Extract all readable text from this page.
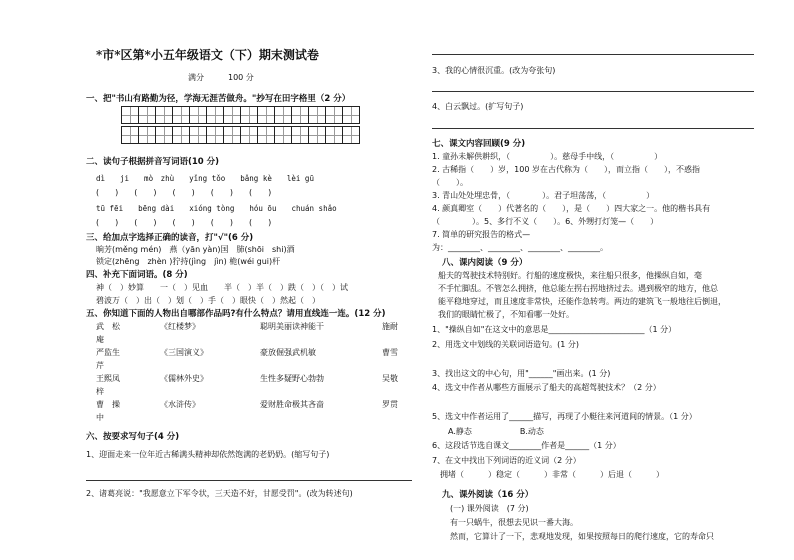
*市*区第*小五年级语文（下）期末测试卷
满分　　　100 分
一、把"书山有路勤为径，学海无涯苦做舟。"抄写在田字格里（2 分）
二、读句子根据拼音写词语(10 分)
dì　　ji　　mò　zhù　　yǐng tǒo　　bǎng kè　　lèi gū
(　　)　　(　　)　　(　　)　　(　　)　　(　　)
tū fēi　　bēng dài　　xióng tòng　　hóu ōu　　chuán shǎo
(　　)　　(　　)　　(　　)　　(　　)　　(　　)
三、给加点字选择正确的读音，打"√"(6 分)
晌芳(měng mén)　燕（yān yàn)国　肺(shōi　shi)酒
锁定(zhēng　zhèn )狞持(jìng　jìn) 桅(wéi gui)杆
四、补充下面词语。(8 分)
神（　）妙算　　一（　）见血　　半（　）半（　）跌（　）（　）试
碧波万（　）出（　）划（　）手（　）眼快（　）然起（　）
五、你知道下面的人物出自哪部作品吗?有什么特点？请用直线连一连。(12 分)
武　松	《红楼梦》	聪明美丽读神能干	施耐
庵
严监生	《三国演义》	豪放倔强武机敏	曹雪
芹
王熙凤	《儒林外史》	生性多疑野心勃勃	吴敬
梓
曹　操	《水浒传》	爱财胜命极其吝啬	罗贯
中
六、按要求写句子(4 分)
1、迎面走来一位年近古稀满头精神却依然饱满的老奶奶。(缩写句子)
2、诸葛亮说："我愿意立下军令状，三天造不好，甘愿受罚"。(改为转述句)
3、我的心情很沉重。(改为夸张句)
4、白云飘过。(扩写句子)
七、课文内容回顾(9 分)
1. 童孙未解供耕织，（　　　　　）。慈母手中线，（　　　　　）
2. 古稀指（　　）岁，100 岁在古代称为（　　），而立指（　　），不惑指
（　　）。
3. 青山处处埋忠骨，（　　　　）。君子坦荡荡，（　　　　　）
4. 颜真卿室（　　）代著名的（　　），是（　　）四大家之一。他的楷书具有
（　　　　）。5、多行不义（　　）。6、外甥打灯笼—（　　）
7. 简单的研究报告的格式—
为：________、________、________、________。
八、课内阅读（9 分）
船夫的驾驶技术特别好。行船的速度极快，来往船只很多，他操纵自如，毫
不手忙脚乱。不管怎么拥挤，他总能左拐右拐地挤过去。遇到极窄的地方，他总
能平稳地穿过，而且速度非常快，还能作急转弯。两边的建筑飞一般地往后倒退，
我们的眼睛忙极了，不知看哪一处好。
1、"操纵自如"在这文中的意思是________________________（1 分）
2、用选文中划线的关联词语造句。(1 分)
3、找出这文的中心句，用"______"画出来。(1 分)
4、选文中作者从哪些方面展示了船夫的高超驾驶技术？（2 分）
5、选文中作者运用了______描写，再现了小艇往来河道间的情景。（1 分）
　　A.静态　　　　　　B.动态
6、这段话节选自课文________作者是______（1 分）
7、在文中找出下列词语的近义词（2 分）
　拥堵（　　　）稳定（　　　）非常（　　　）后退（　　　）
九、课外阅读（16 分）
(一) 课外阅读　(7 分)
有一只蜗牛，很想去见识一番大海。
然而，它算计了一下，悲观地发现，如果按照每日的爬行速度，它的寿命只
